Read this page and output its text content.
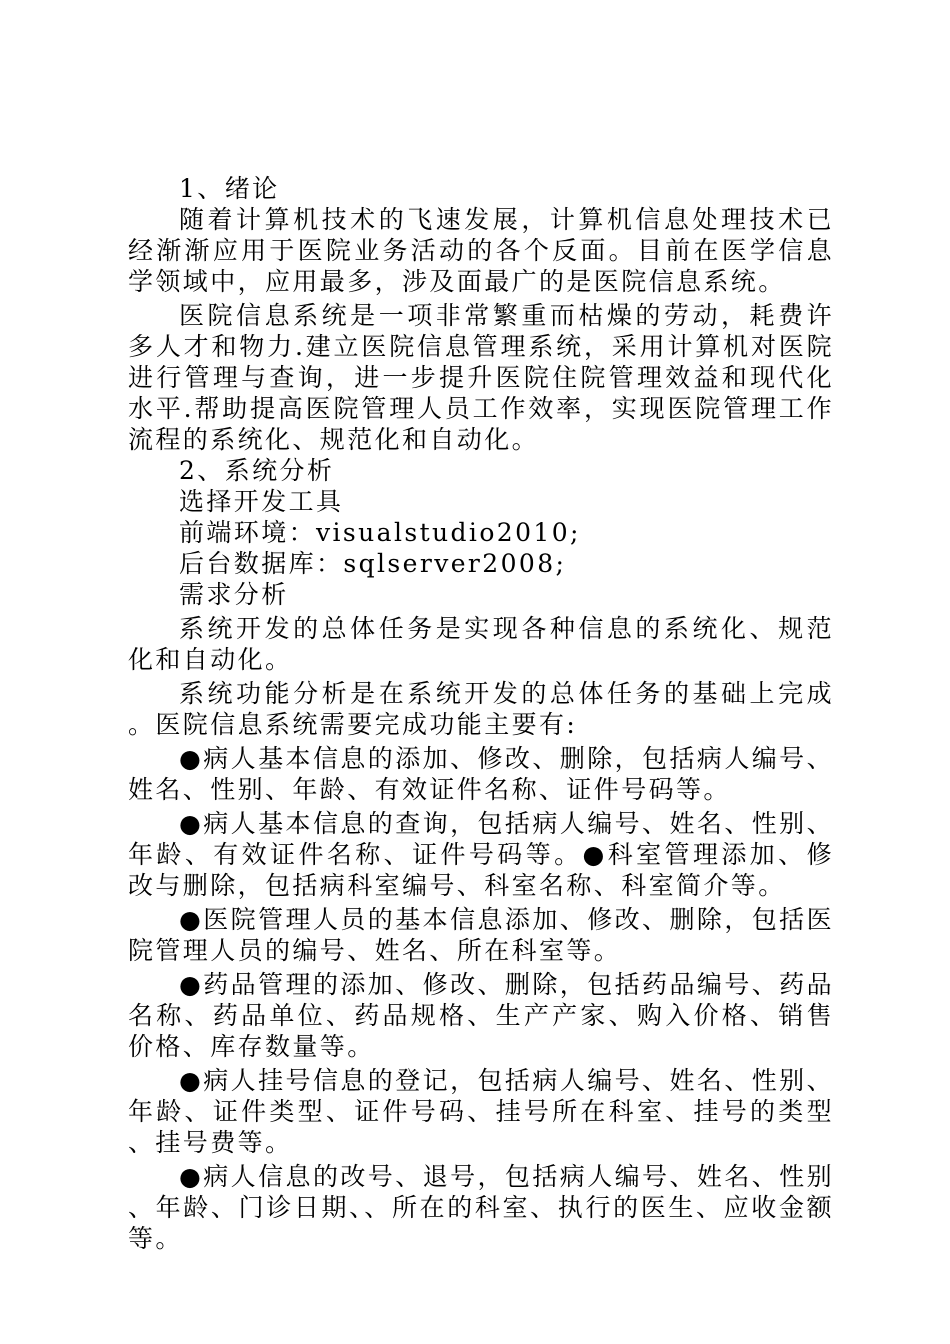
1、绪论

随着计算机技术的飞速发展，计算机信息处理技术已经渐渐应用于医院业务活动的各个反面。目前在医学信息学领域中，应用最多，涉及面最广的是医院信息系统。

医院信息系统是一项非常繁重而枯燥的劳动，耗费许多人才和物力.建立医院信息管理系统，采用计算机对医院进行管理与查询，进一步提升医院住院管理效益和现代化水平.帮助提高医院管理人员工作效率，实现医院管理工作流程的系统化、规范化和自动化。

2、系统分析

选择开发工具

前端环境：visualstudio2010;

后台数据库：sqlserver2008;

需求分析

系统开发的总体任务是实现各种信息的系统化、规范化和自动化。

系统功能分析是在系统开发的总体任务的基础上完成。医院信息系统需要完成功能主要有:

●病人基本信息的添加、修改、删除，包括病人编号、姓名、性别、年龄、有效证件名称、证件号码等。

●病人基本信息的查询，包括病人编号、姓名、性别、年龄、有效证件名称、证件号码等。●科室管理添加、修改与删除，包括病科室编号、科室名称、科室简介等。

●医院管理人员的基本信息添加、修改、删除，包括医院管理人员的编号、姓名、所在科室等。

●药品管理的添加、修改、删除，包括药品编号、药品名称、药品单位、药品规格、生产产家、购入价格、销售价格、库存数量等。

●病人挂号信息的登记，包括病人编号、姓名、性别、年龄、证件类型、证件号码、挂号所在科室、挂号的类型、挂号费等。

●病人信息的改号、退号，包括病人编号、姓名、性别、年龄、门诊日期、、所在的科室、执行的医生、应收金额等。
